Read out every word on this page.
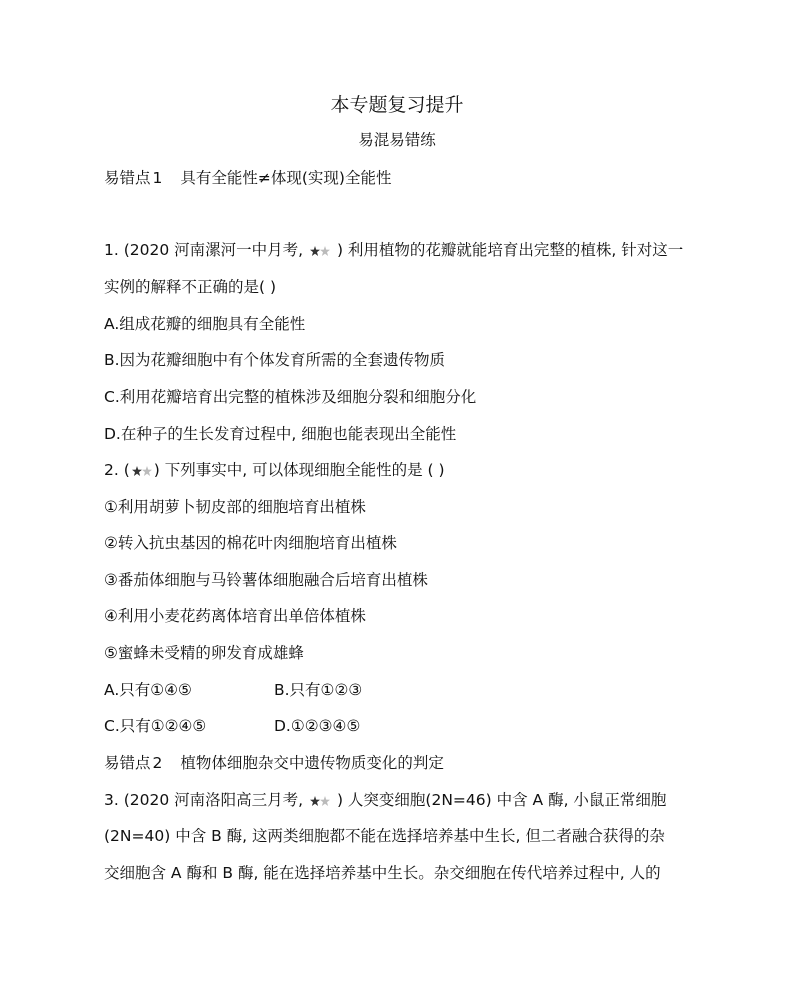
本专题复习提升
易混易错练
易错点 1 具有全能性≠体现(实现)全能性
1. (2020 河南漯河一中月考, ) 利用植物的花瓣就能培育出完整的植株, 针对这一
实例的解释不正确的是( )
A.组成花瓣的细胞具有全能性
B.因为花瓣细胞中有个体发育所需的全套遗传物质
C.利用花瓣培育出完整的植株涉及细胞分裂和细胞分化
D.在种子的生长发育过程中, 细胞也能表现出全能性
2. ( ) 下列事实中, 可以体现细胞全能性的是 ( )
①利用胡萝卜韧皮部的细胞培育出植株
②转入抗虫基因的棉花叶肉细胞培育出植株
③番茄体细胞与马铃薯体细胞融合后培育出植株
④利用小麦花药离体培育出单倍体植株
⑤蜜蜂未受精的卵发育成雄蜂
A.只有①④⑤	B.只有①②③
C.只有①②④⑤	D.①②③④⑤
易错点 2 植物体细胞杂交中遗传物质变化的判定
3. (2020 河南洛阳高三月考, ) 人突变细胞(2N=46) 中含 A 酶, 小鼠正常细胞
(2N=40) 中含 B 酶, 这两类细胞都不能在选择培养基中生长, 但二者融合获得的杂
交细胞含 A 酶和 B 酶, 能在选择培养基中生长。杂交细胞在传代培养过程中, 人的
